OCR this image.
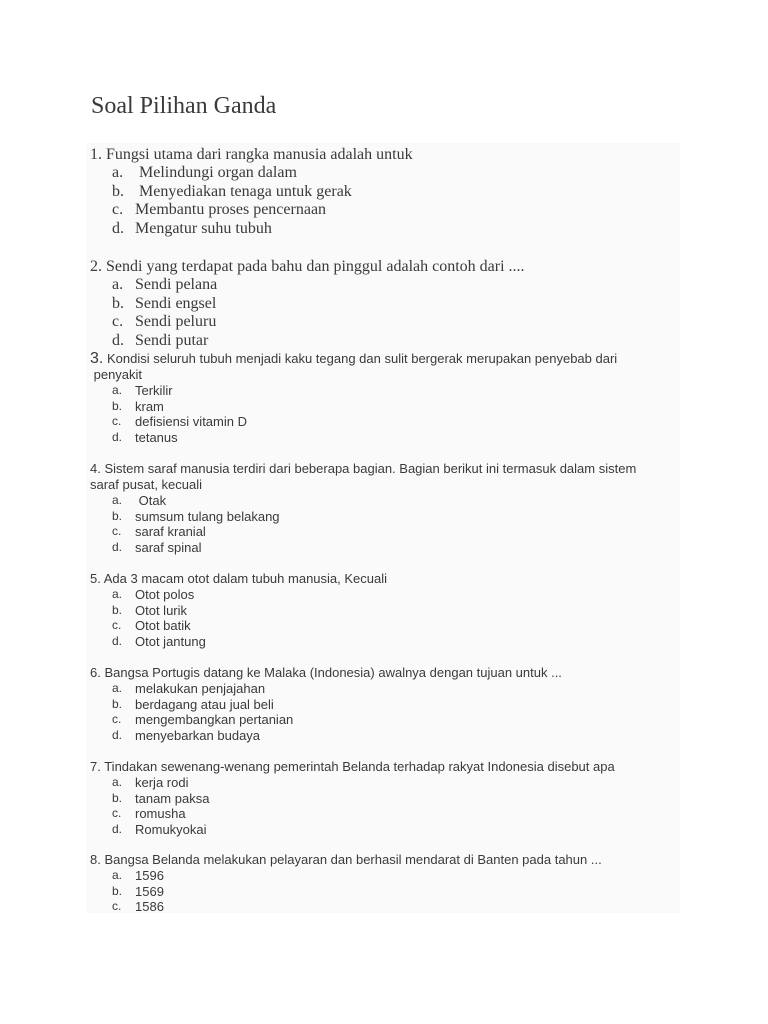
Soal Pilihan Ganda
1. Fungsi utama dari rangka manusia adalah untuk
a. Melindungi organ dalam
b. Menyediakan tenaga untuk gerak
c. Membantu proses pencernaan
d. Mengatur suhu tubuh
2. Sendi yang terdapat pada bahu dan pinggul adalah contoh dari ....
a. Sendi pelana
b. Sendi engsel
c. Sendi peluru
d. Sendi putar
3. Kondisi seluruh tubuh menjadi kaku tegang dan sulit bergerak merupakan penyebab dari
penyakit
a. Terkilir
b. kram
c. defisiensi vitamin D
d. tetanus
4. Sistem saraf manusia terdiri dari beberapa bagian. Bagian berikut ini termasuk dalam sistem saraf pusat, kecuali
a. Otak
b. sumsum tulang belakang
c. saraf kranial
d. saraf spinal
5. Ada 3 macam otot dalam tubuh manusia, Kecuali
a. Otot polos
b. Otot lurik
c. Otot batik
d. Otot jantung
6. Bangsa Portugis datang ke Malaka (Indonesia) awalnya dengan tujuan untuk ...
a. melakukan penjajahan
b. berdagang atau jual beli
c. mengembangkan pertanian
d. menyebarkan budaya
7. Tindakan sewenang-wenang pemerintah Belanda terhadap rakyat Indonesia disebut apa
a. kerja rodi
b. tanam paksa
c. romusha
d. Romukyokai
8. Bangsa Belanda melakukan pelayaran dan berhasil mendarat di Banten pada tahun ...
a. 1596
b. 1569
c. 1586
